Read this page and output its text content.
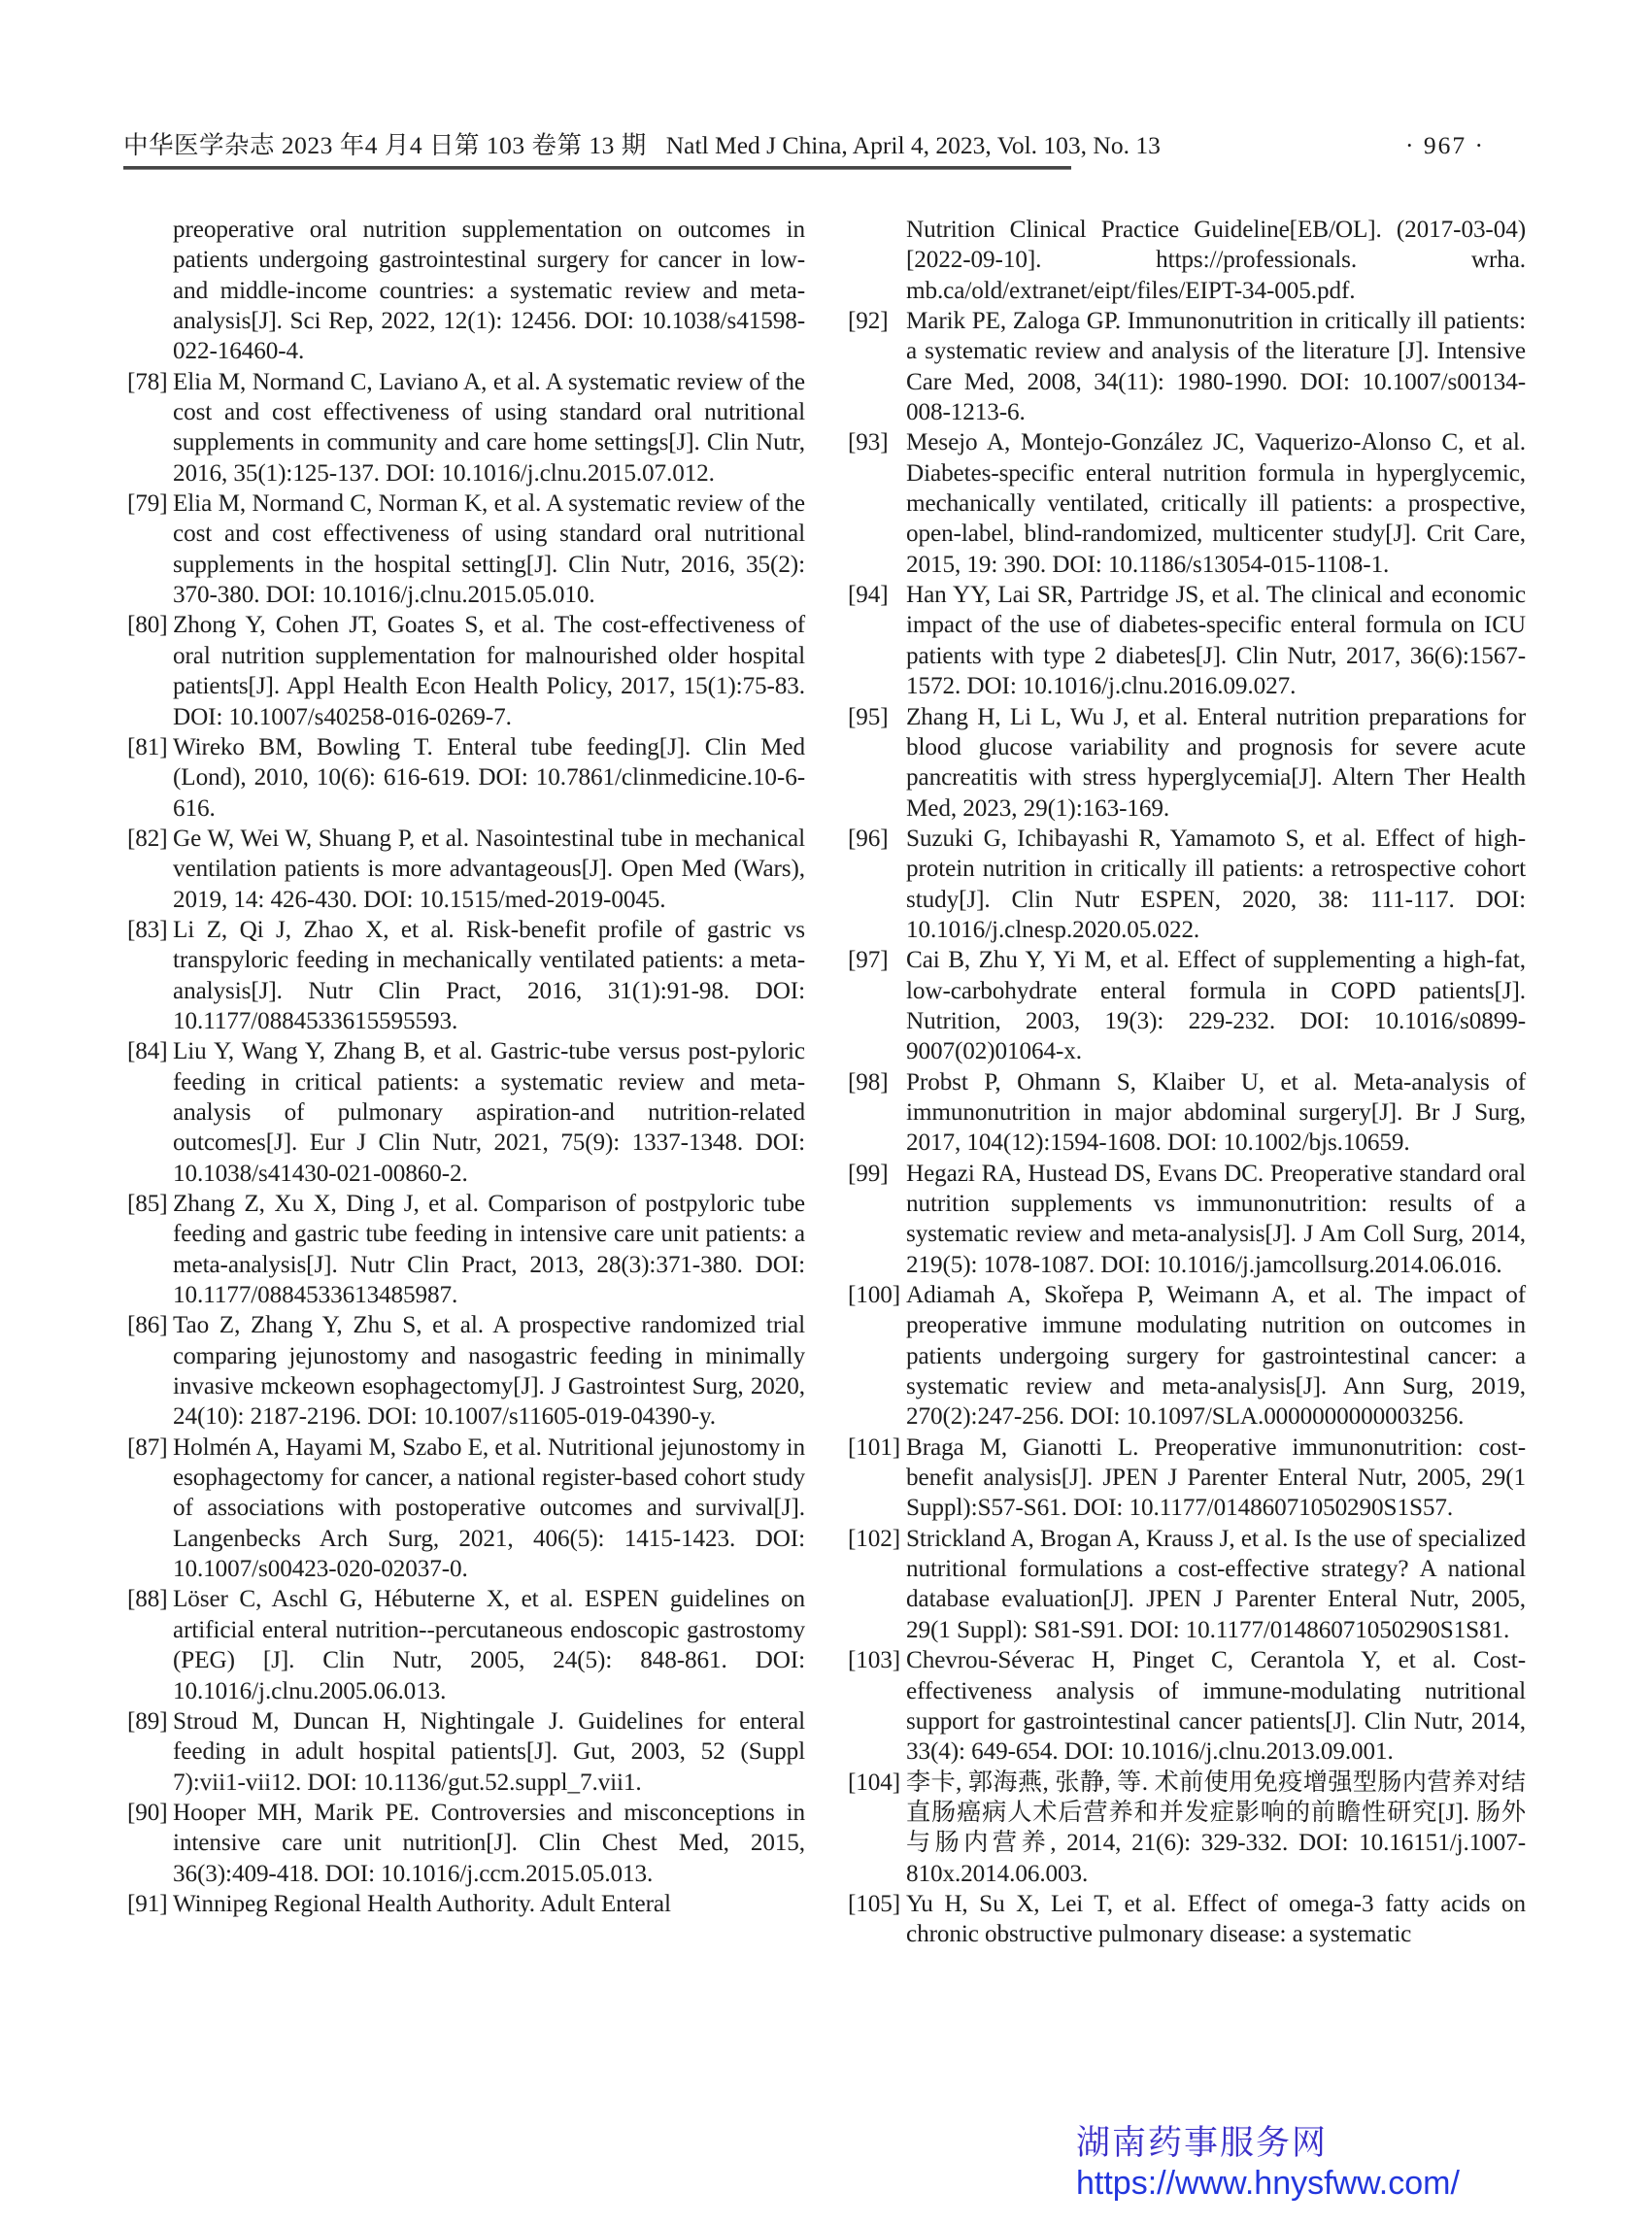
中华医学杂志 2023 年4 月4 日第 103 卷第 13 期 Natl Med J China, April 4, 2023, Vol. 103, No. 13	· 967 ·
preoperative oral nutrition supplementation on outcomes in patients undergoing gastrointestinal surgery for cancer in low-and middle-income countries: a systematic review and meta-analysis[J]. Sci Rep, 2022, 12(1): 12456. DOI: 10.1038/s41598-022-16460-4.
[78] Elia M, Normand C, Laviano A, et al. A systematic review of the cost and cost effectiveness of using standard oral nutritional supplements in community and care home settings[J]. Clin Nutr, 2016, 35(1):125-137. DOI: 10.1016/j.clnu.2015.07.012.
[79] Elia M, Normand C, Norman K, et al. A systematic review of the cost and cost effectiveness of using standard oral nutritional supplements in the hospital setting[J]. Clin Nutr, 2016, 35(2): 370-380. DOI: 10.1016/j.clnu.2015.05.010.
[80] Zhong Y, Cohen JT, Goates S, et al. The cost-effectiveness of oral nutrition supplementation for malnourished older hospital patients[J]. Appl Health Econ Health Policy, 2017, 15(1):75-83. DOI: 10.1007/s40258-016-0269-7.
[81] Wireko BM, Bowling T. Enteral tube feeding[J]. Clin Med (Lond), 2010, 10(6): 616-619. DOI: 10.7861/clinmedicine.10-6-616.
[82] Ge W, Wei W, Shuang P, et al. Nasointestinal tube in mechanical ventilation patients is more advantageous[J]. Open Med (Wars), 2019, 14: 426-430. DOI: 10.1515/med-2019-0045.
[83] Li Z, Qi J, Zhao X, et al. Risk-benefit profile of gastric vs transpyloric feeding in mechanically ventilated patients: a meta-analysis[J]. Nutr Clin Pract, 2016, 31(1):91-98. DOI: 10.1177/0884533615595593.
[84] Liu Y, Wang Y, Zhang B, et al. Gastric-tube versus post-pyloric feeding in critical patients: a systematic review and meta-analysis of pulmonary aspiration-and nutrition-related outcomes[J]. Eur J Clin Nutr, 2021, 75(9): 1337-1348. DOI: 10.1038/s41430-021-00860-2.
[85] Zhang Z, Xu X, Ding J, et al. Comparison of postpyloric tube feeding and gastric tube feeding in intensive care unit patients: a meta-analysis[J]. Nutr Clin Pract, 2013, 28(3):371-380. DOI: 10.1177/0884533613485987.
[86] Tao Z, Zhang Y, Zhu S, et al. A prospective randomized trial comparing jejunostomy and nasogastric feeding in minimally invasive mckeown esophagectomy[J]. J Gastrointest Surg, 2020, 24(10): 2187-2196. DOI: 10.1007/s11605-019-04390-y.
[87] Holmén A, Hayami M, Szabo E, et al. Nutritional jejunostomy in esophagectomy for cancer, a national register-based cohort study of associations with postoperative outcomes and survival[J]. Langenbecks Arch Surg, 2021, 406(5): 1415-1423. DOI: 10.1007/s00423-020-02037-0.
[88] Löser C, Aschl G, Hébuterne X, et al. ESPEN guidelines on artificial enteral nutrition--percutaneous endoscopic gastrostomy (PEG) [J]. Clin Nutr, 2005, 24(5): 848-861. DOI: 10.1016/j.clnu.2005.06.013.
[89] Stroud M, Duncan H, Nightingale J. Guidelines for enteral feeding in adult hospital patients[J]. Gut, 2003, 52 (Suppl 7):vii1-vii12. DOI: 10.1136/gut.52.suppl_7.vii1.
[90] Hooper MH, Marik PE. Controversies and misconceptions in intensive care unit nutrition[J]. Clin Chest Med, 2015, 36(3):409-418. DOI: 10.1016/j.ccm.2015.05.013.
[91] Winnipeg Regional Health Authority. Adult Enteral
Nutrition Clinical Practice Guideline[EB/OL]. (2017-03-04) [2022-09-10]. https://professionals. wrha. mb.ca/old/extranet/eipt/files/EIPT-34-005.pdf.
[92] Marik PE, Zaloga GP. Immunonutrition in critically ill patients: a systematic review and analysis of the literature [J]. Intensive Care Med, 2008, 34(11): 1980-1990. DOI: 10.1007/s00134-008-1213-6.
[93] Mesejo A, Montejo-González JC, Vaquerizo-Alonso C, et al. Diabetes-specific enteral nutrition formula in hyperglycemic, mechanically ventilated, critically ill patients: a prospective, open-label, blind-randomized, multicenter study[J]. Crit Care, 2015, 19: 390. DOI: 10.1186/s13054-015-1108-1.
[94] Han YY, Lai SR, Partridge JS, et al. The clinical and economic impact of the use of diabetes-specific enteral formula on ICU patients with type 2 diabetes[J]. Clin Nutr, 2017, 36(6):1567-1572. DOI: 10.1016/j.clnu.2016.09.027.
[95] Zhang H, Li L, Wu J, et al. Enteral nutrition preparations for blood glucose variability and prognosis for severe acute pancreatitis with stress hyperglycemia[J]. Altern Ther Health Med, 2023, 29(1):163-169.
[96] Suzuki G, Ichibayashi R, Yamamoto S, et al. Effect of high-protein nutrition in critically ill patients: a retrospective cohort study[J]. Clin Nutr ESPEN, 2020, 38: 111-117. DOI: 10.1016/j.clnesp.2020.05.022.
[97] Cai B, Zhu Y, Yi M, et al. Effect of supplementing a high-fat, low-carbohydrate enteral formula in COPD patients[J]. Nutrition, 2003, 19(3): 229-232. DOI: 10.1016/s0899-9007(02)01064-x.
[98] Probst P, Ohmann S, Klaiber U, et al. Meta-analysis of immunonutrition in major abdominal surgery[J]. Br J Surg, 2017, 104(12):1594-1608. DOI: 10.1002/bjs.10659.
[99] Hegazi RA, Hustead DS, Evans DC. Preoperative standard oral nutrition supplements vs immunonutrition: results of a systematic review and meta-analysis[J]. J Am Coll Surg, 2014, 219(5): 1078-1087. DOI: 10.1016/j.jamcollsurg.2014.06.016.
[100] Adiamah A, Skořepa P, Weimann A, et al. The impact of preoperative immune modulating nutrition on outcomes in patients undergoing surgery for gastrointestinal cancer: a systematic review and meta-analysis[J]. Ann Surg, 2019, 270(2):247-256. DOI: 10.1097/SLA.0000000000003256.
[101] Braga M, Gianotti L. Preoperative immunonutrition: cost-benefit analysis[J]. JPEN J Parenter Enteral Nutr, 2005, 29(1 Suppl):S57-S61. DOI: 10.1177/01486071050290S1S57.
[102] Strickland A, Brogan A, Krauss J, et al. Is the use of specialized nutritional formulations a cost-effective strategy? A national database evaluation[J]. JPEN J Parenter Enteral Nutr, 2005, 29(1 Suppl): S81-S91. DOI: 10.1177/01486071050290S1S81.
[103] Chevrou-Séverac H, Pinget C, Cerantola Y, et al. Cost-effectiveness analysis of immune-modulating nutritional support for gastrointestinal cancer patients[J]. Clin Nutr, 2014, 33(4): 649-654. DOI: 10.1016/j.clnu.2013.09.001.
[104] 李卡, 郭海燕, 张静, 等. 术前使用免疫增强型肠内营养对结直肠癌病人术后营养和并发症影响的前瞻性研究[J]. 肠外与肠内营养, 2014, 21(6): 329-332. DOI: 10.16151/j.1007-810x.2014.06.003.
[105] Yu H, Su X, Lei T, et al. Effect of omega-3 fatty acids on chronic obstructive pulmonary disease: a systematic
湖南药事服务网
https://www.hnysfww.com/
